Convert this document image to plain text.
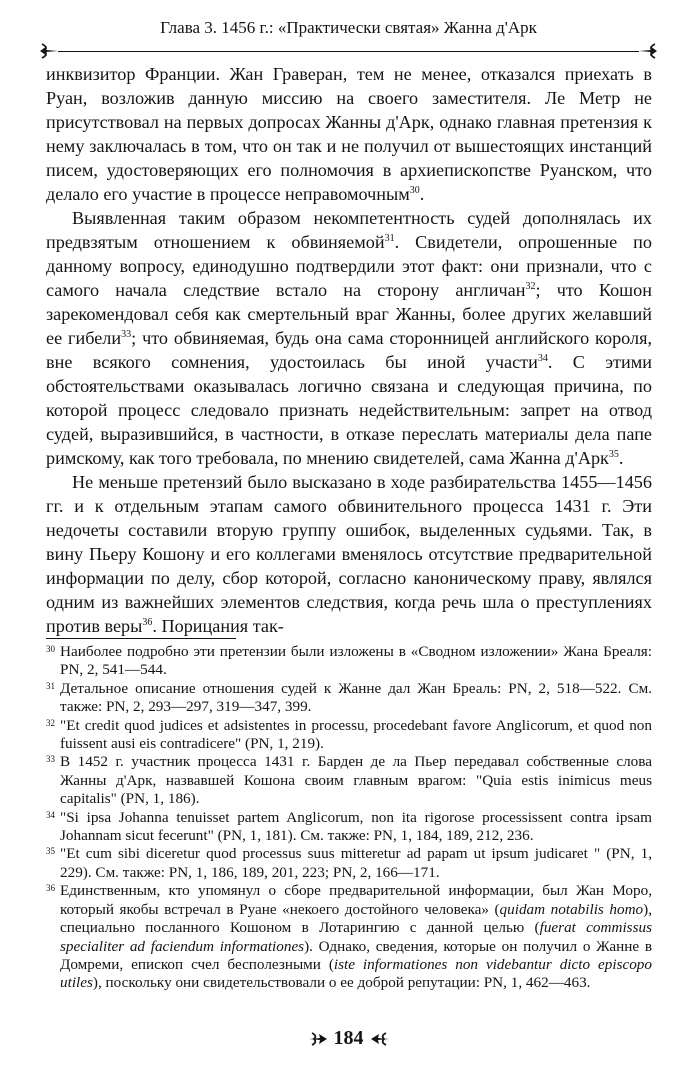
Глава 3. 1456 г.: «Практически святая» Жанна д'Арк

инквизитор Франции. Жан Граверан, тем не менее, отказался приехать в Руан, возложив данную миссию на своего заместителя. Ле Метр не присутствовал на первых допросах Жанны д'Арк, однако главная претензия к нему заключалась в том, что он так и не получил от вышестоящих инстанций писем, удостоверяющих его полномочия в архиепископстве Руанском, что делало его участие в процессе неправомочным$^{30}$.

Выявленная таким образом некомпетентность судей дополнялась их предвзятым отношением к обвиняемой$^{31}$. Свидетели, опрошенные по данному вопросу, единодушно подтвердили этот факт: они признали, что с самого начала следствие встало на сторону англичан$^{32}$; что Кошон зарекомендовал себя как смертельный враг Жанны, более других желавший ее гибели$^{33}$; что обвиняемая, будь она сама сторонницей английского короля, вне всякого сомнения, удостоилась бы иной участи$^{34}$. С этими обстоятельствами оказывалась логично связана и следующая причина, по которой процесс следовало признать недействительным: запрет на отвод судей, выразившийся, в частности, в отказе переслать материалы дела папе римскому, как того требовала, по мнению свидетелей, сама Жанна д'Арк$^{35}$.

Не меньше претензий было высказано в ходе разбирательства 1455—1456 гг. и к отдельным этапам самого обвинительного процесса 1431 г. Эти недочеты составили вторую группу ошибок, выделенных судьями. Так, в вину Пьеру Кошону и его коллегами вменялось отсутствие предварительной информации по делу, сбор которой, согласно каноническому праву, являлся одним из важнейших элементов следствия, когда речь шла о преступлениях против веры$^{36}$. Порицания так-

30 Наиболее подробно эти претензии были изложены в «Сводном изложении» Жана Бреаля: PN, 2, 541—544.

31 Детальное описание отношения судей к Жанне дал Жан Бреаль: PN, 2, 518—522. См. также: PN, 2, 293—297, 319—347, 399.

32 "Et credit quod judices et adsistentes in processu, procedebant favore Anglicorum, et quod non fuissent ausi eis contradicere" (PN, 1, 219).

33 В 1452 г. участник процесса 1431 г. Барден де ла Пьер передавал собственные слова Жанны д'Арк, назвавшей Кошона своим главным врагом: "Quia estis inimicus meus capitalis" (PN, 1, 186).

34 "Si ipsa Johanna tenuisset partem Anglicorum, non ita rigorose processissent contra ipsam Johannam sicut fecerunt" (PN, 1, 181). См. также: PN, 1, 184, 189, 212, 236.

35 "Et cum sibi diceretur quod processus suus mitteretur ad papam ut ipsum judicaret " (PN, 1, 229). См. также: PN, 1, 186, 189, 201, 223; PN, 2, 166—171.

36 Единственным, кто упомянул о сборе предварительной информации, был Жан Моро, который якобы встречал в Руане «некоего достойного человека» (quidam notabilis homo), специально посланного Кошоном в Лотарингию с данной целью (fuerat commissus specialiter ad faciendum informationes). Однако, сведения, которые он получил о Жанне в Домреми, епископ счел бесполезными (iste informationes non videbantur dicto episcopo utiles), поскольку они свидетельствовали о ее доброй репутации: PN, 1, 462—463.

184
